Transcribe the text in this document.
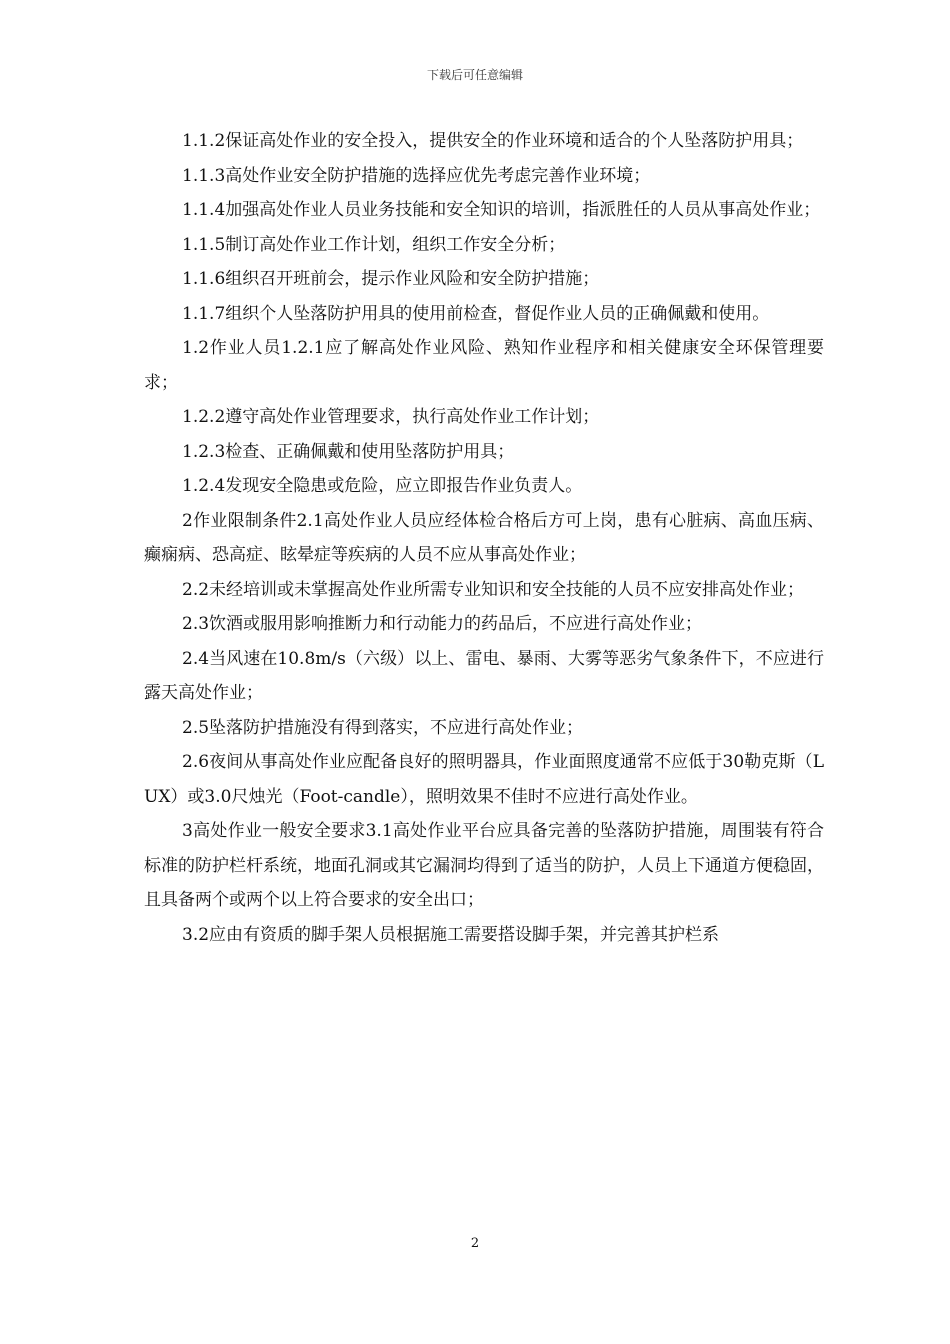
下载后可任意编辑

1.1.2保证高处作业的安全投入，提供安全的作业环境和适合的个人坠落防护用具；

1.1.3高处作业安全防护措施的选择应优先考虑完善作业环境；

1.1.4加强高处作业人员业务技能和安全知识的培训，指派胜任的人员从事高处作业；

1.1.5制订高处作业工作计划，组织工作安全分析；

1.1.6组织召开班前会，提示作业风险和安全防护措施；

1.1.7组织个人坠落防护用具的使用前检查，督促作业人员的正确佩戴和使用。

1.2作业人员1.2.1应了解高处作业风险、熟知作业程序和相关健康安全环保管理要求；

1.2.2遵守高处作业管理要求，执行高处作业工作计划；

1.2.3检查、正确佩戴和使用坠落防护用具；

1.2.4发现安全隐患或危险，应立即报告作业负责人。

2作业限制条件2.1高处作业人员应经体检合格后方可上岗，患有心脏病、高血压病、癫痫病、恐高症、眩晕症等疾病的人员不应从事高处作业；

2.2未经培训或未掌握高处作业所需专业知识和安全技能的人员不应安排高处作业；

2.3饮酒或服用影响推断力和行动能力的药品后，不应进行高处作业；

2.4当风速在10.8m/s（六级）以上、雷电、暴雨、大雾等恶劣气象条件下，不应进行露天高处作业；

2.5坠落防护措施没有得到落实，不应进行高处作业；

2.6夜间从事高处作业应配备良好的照明器具，作业面照度通常不应低于30勒克斯（LUX）或3.0尺烛光（Foot-candle），照明效果不佳时不应进行高处作业。

3高处作业一般安全要求3.1高处作业平台应具备完善的坠落防护措施，周围装有符合标准的防护栏杆系统，地面孔洞或其它漏洞均得到了适当的防护，人员上下通道方便稳固，且具备两个或两个以上符合要求的安全出口；

3.2应由有资质的脚手架人员根据施工需要搭设脚手架，并完善其护栏系

2
